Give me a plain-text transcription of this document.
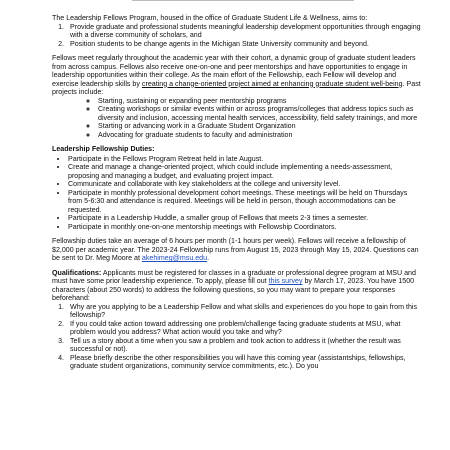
The Leadership Fellows Program, housed in the office of Graduate Student Life & Wellness, aims to:

1. Provide graduate and professional students meaningful leadership development opportunities through engaging with a diverse community of scholars, and
2. Position students to be change agents in the Michigan State University community and beyond.

Fellows meet regularly throughout the academic year with their cohort, a dynamic group of graduate student leaders from across campus. Fellows also receive one-on-one and peer mentorships and have opportunities to engage in leadership opportunities within their college. As the main effort of the Fellowship, each Fellow will develop and exercise leadership skills by creating a change-oriented project aimed at enhancing graduate student well-being. Past projects include:

◦ Starting, sustaining or expanding peer mentorship programs
◦ Creating workshops or similar events within or across programs/colleges that address topics such as diversity and inclusion, accessing mental health services, accessibility, field safety trainings, and more
◦ Starting or advancing work in a Graduate Student Organization
◦ Advocating for graduate students to faculty and administration

Leadership Fellowship Duties:

• Participate in the Fellows Program Retreat held in late August.
• Create and manage a change-oriented project, which could include implementing a needs-assessment, proposing and managing a budget, and evaluating project impact.
• Communicate and collaborate with key stakeholders at the college and university level.
• Participate in monthly professional development cohort meetings. These meetings will be held on Thursdays from 5-6:30 and attendance is required. Meetings will be held in person, though accommodations can be requested.
• Participate in a Leadership Huddle, a smaller group of Fellows that meets 2-3 times a semester.
• Participate in monthly one-on-one mentorship meetings with Fellowship Coordinators.

Fellowship duties take an average of 6 hours per month (1-1 hours per week). Fellows will receive a fellowship of $2,000 per academic year. The 2023-24 Fellowship runs from August 15, 2023 through May 15, 2024. Questions can be sent to Dr. Meg Moore at akehimeg@msu.edu.

Qualifications: Applicants must be registered for classes in a graduate or professional degree program at MSU and must have some prior leadership experience. To apply, please fill out this survey by March 17, 2023. You have 1500 characters (about 250 words) to address the following questions, so you may want to prepare your responses beforehand:

1. Why are you applying to be a Leadership Fellow and what skills and experiences do you hope to gain from this fellowship?
2. If you could take action toward addressing one problem/challenge facing graduate students at MSU, what problem would you address? What action would you take and why?
3. Tell us a story about a time when you saw a problem and took action to address it (whether the result was successful or not).
4. Please briefly describe the other responsibilities you will have this coming year (assistantships, fellowships, graduate student organizations, community service commitments, etc.). Do you
